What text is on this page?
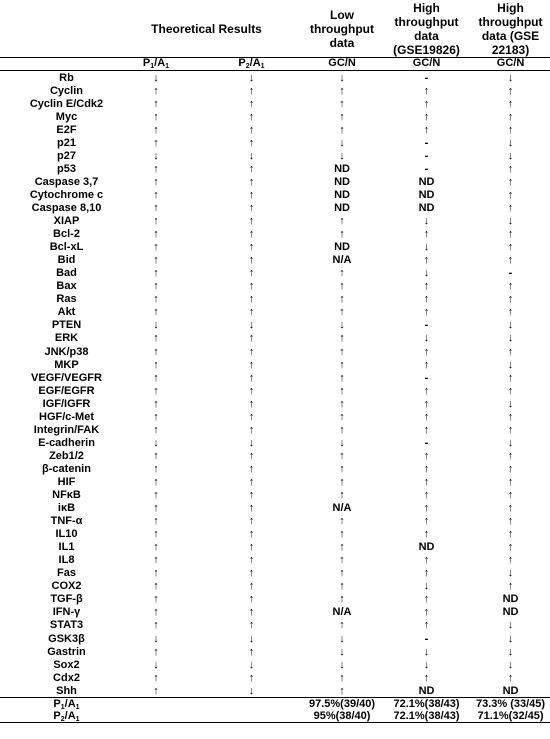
	Theoretical Results		Low throughput data	High throughput data (GSE19826)	High throughput data (GSE 22183)
	$P_1/A_1$	$P_2/A_1$	GC/N	GC/N	GC/N
Rb	↓	↓	↓	-	↓
Cyclin	↑	↑	↑	↑	↑
Cyclin E/Cdk2	↑	↑	↑	↑	↑
Myc	↑	↑	↑	↑	↑
E2F	↑	↑	↑	↑	↑
p21	↑	↑	↓	-	↓
p27	↓	↓	↓	-	↓
p53	↑	↑	ND	-	↑
Caspase 3,7	↑	↑	ND	ND	↑
Cytochrome c	↑	↑	ND	ND	↑
Caspase 8,10	↑	↑	ND	ND	↑
XIAP	↑	↑	↑	↓	↓
Bcl-2	↑	↑	↑	↑	↑
Bcl-xL	↑	↑	ND	↓	↑
Bid	↑	↑	N/A	↑	↑
Bad	↑	↑	↑	↓	-
Bax	↑	↑	↑	↑	↑
Ras	↑	↑	↑	↑	↑
Akt	↑	↑	↑	↑	↑
PTEN	↓	↓	↓	-	↓
ERK	↑	↑	↑	↓	↓
JNK/p38	↑	↑	↑	↑	↑
MKP	↑	↑	↑	↑	↓
VEGF/VEGFR	↑	↑	↑	-	↑
EGF/EGFR	↑	↑	↑	↑	↑
IGF/IGFR	↑	↑	↑	↑	↓
HGF/c-Met	↑	↑	↑	↑	↑
Integrin/FAK	↑	↑	↑	↑	↑
E-cadherin	↓	↓	↓	-	↓
Zeb1/2	↑	↑	↑	↑	↑
β-catenin	↑	↑	↑	↑	↑
HIF	↑	↑	↑	↑	↑
NFκB	↑	↑	↑	↑	↑
iκB	↑	↑	N/A	↑	↑
TNF-α	↑	↑	↑	↑	↑
IL10	↑	↑	↑	↑	↑
IL1	↑	↑	↑	ND	↑
IL8	↑	↑	↑	↑	↑
Fas	↑	↑	↑	↑	↓
COX2	↑	↑	↑	↓	↑
TGF-β	↑	↑	↑	↑	ND
IFN-γ	↑	↑	N/A	↑	ND
STAT3	↑	↑	↑	↑	↓
GSK3β	↓	↓	↓	-	↓
Gastrin	↑	↑	↓	↓	↓
Sox2	↓	↓	↓	↓	↓
Cdx2	↑	↑	↑	↑	↑
Shh	↑	↓	↑	ND	ND
$P_1/A_1$			97.5%(39/40)	72.1%(38/43)	73.3% (33/45)
$P_2/A_1$			95%(38/40)	72.1%(38/43)	71.1%(32/45)
